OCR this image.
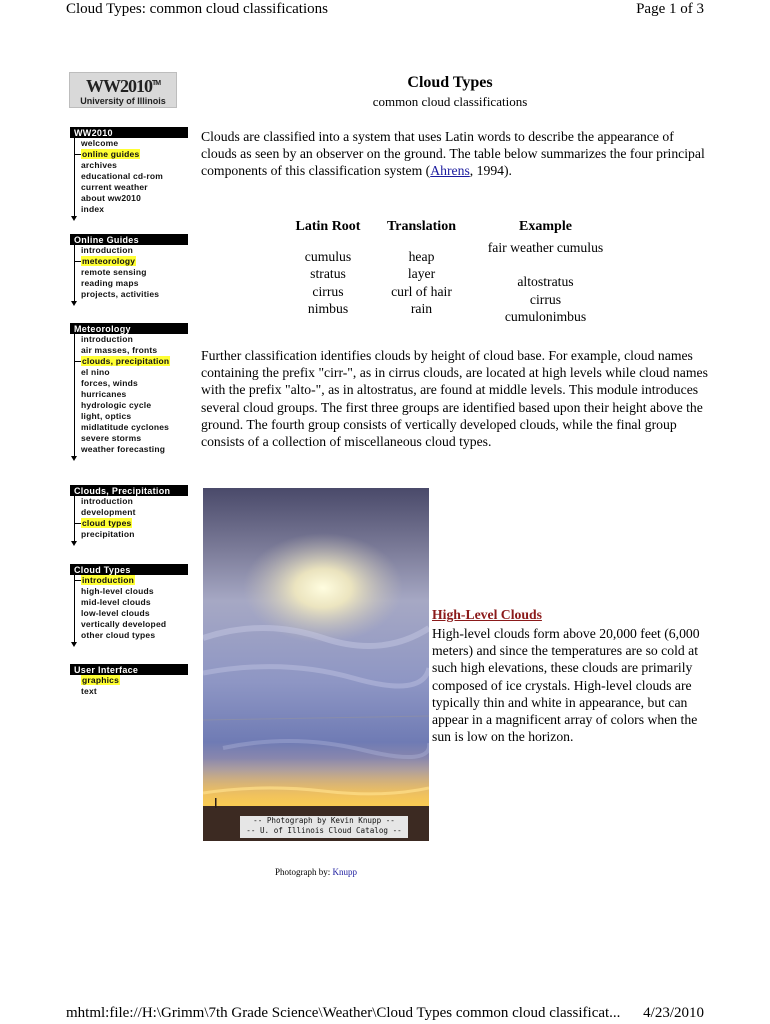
Cloud Types: common cloud classifications	Page 1 of 3
WW2010™
University of Illinois
WW2010
welcome
online guides
archives
educational cd-rom
current weather
about ww2010
index
Online Guides
introduction
meteorology
remote sensing
reading maps
projects, activities
Meteorology
introduction
air masses, fronts
clouds, precipitation
el nino
forces, winds
hurricanes
hydrologic cycle
light, optics
midlatitude cyclones
severe storms
weather forecasting
Clouds, Precipitation
introduction
development
cloud types
precipitation
Cloud Types
introduction
high-level clouds
mid-level clouds
low-level clouds
vertically developed
other cloud types
User Interface
graphics
text
Cloud Types
common cloud classifications
Clouds are classified into a system that uses Latin words to describe the appearance of clouds as seen by an observer on the ground. The table below summarizes the four principal components of this classification system (Ahrens, 1994).
Latin Root
cumulus
stratus
cirrus
nimbus
Translation
heap
layer
curl of hair
rain
Example
fair weather cumulus
altostratus
cirrus
cumulonimbus
Further classification identifies clouds by height of cloud base. For example, cloud names containing the prefix "cirr-", as in cirrus clouds, are located at high levels while cloud names with the prefix "alto-", as in altostratus, are found at middle levels. This module introduces several cloud groups. The first three groups are identified based upon their height above the ground. The fourth group consists of vertically developed clouds, while the final group consists of a collection of miscellaneous cloud types.
-- Photograph by Kevin Knupp --
-- U. of Illinois Cloud Catalog --
Photograph by: Knupp
High-Level Clouds
High-level clouds form above 20,000 feet (6,000 meters) and since the temperatures are so cold at such high elevations, these clouds are primarily composed of ice crystals. High-level clouds are typically thin and white in appearance, but can appear in a magnificent array of colors when the sun is low on the horizon.
mhtml:file://H:\Grimm\7th Grade Science\Weather\Cloud Types common cloud classificat... 4/23/2010
